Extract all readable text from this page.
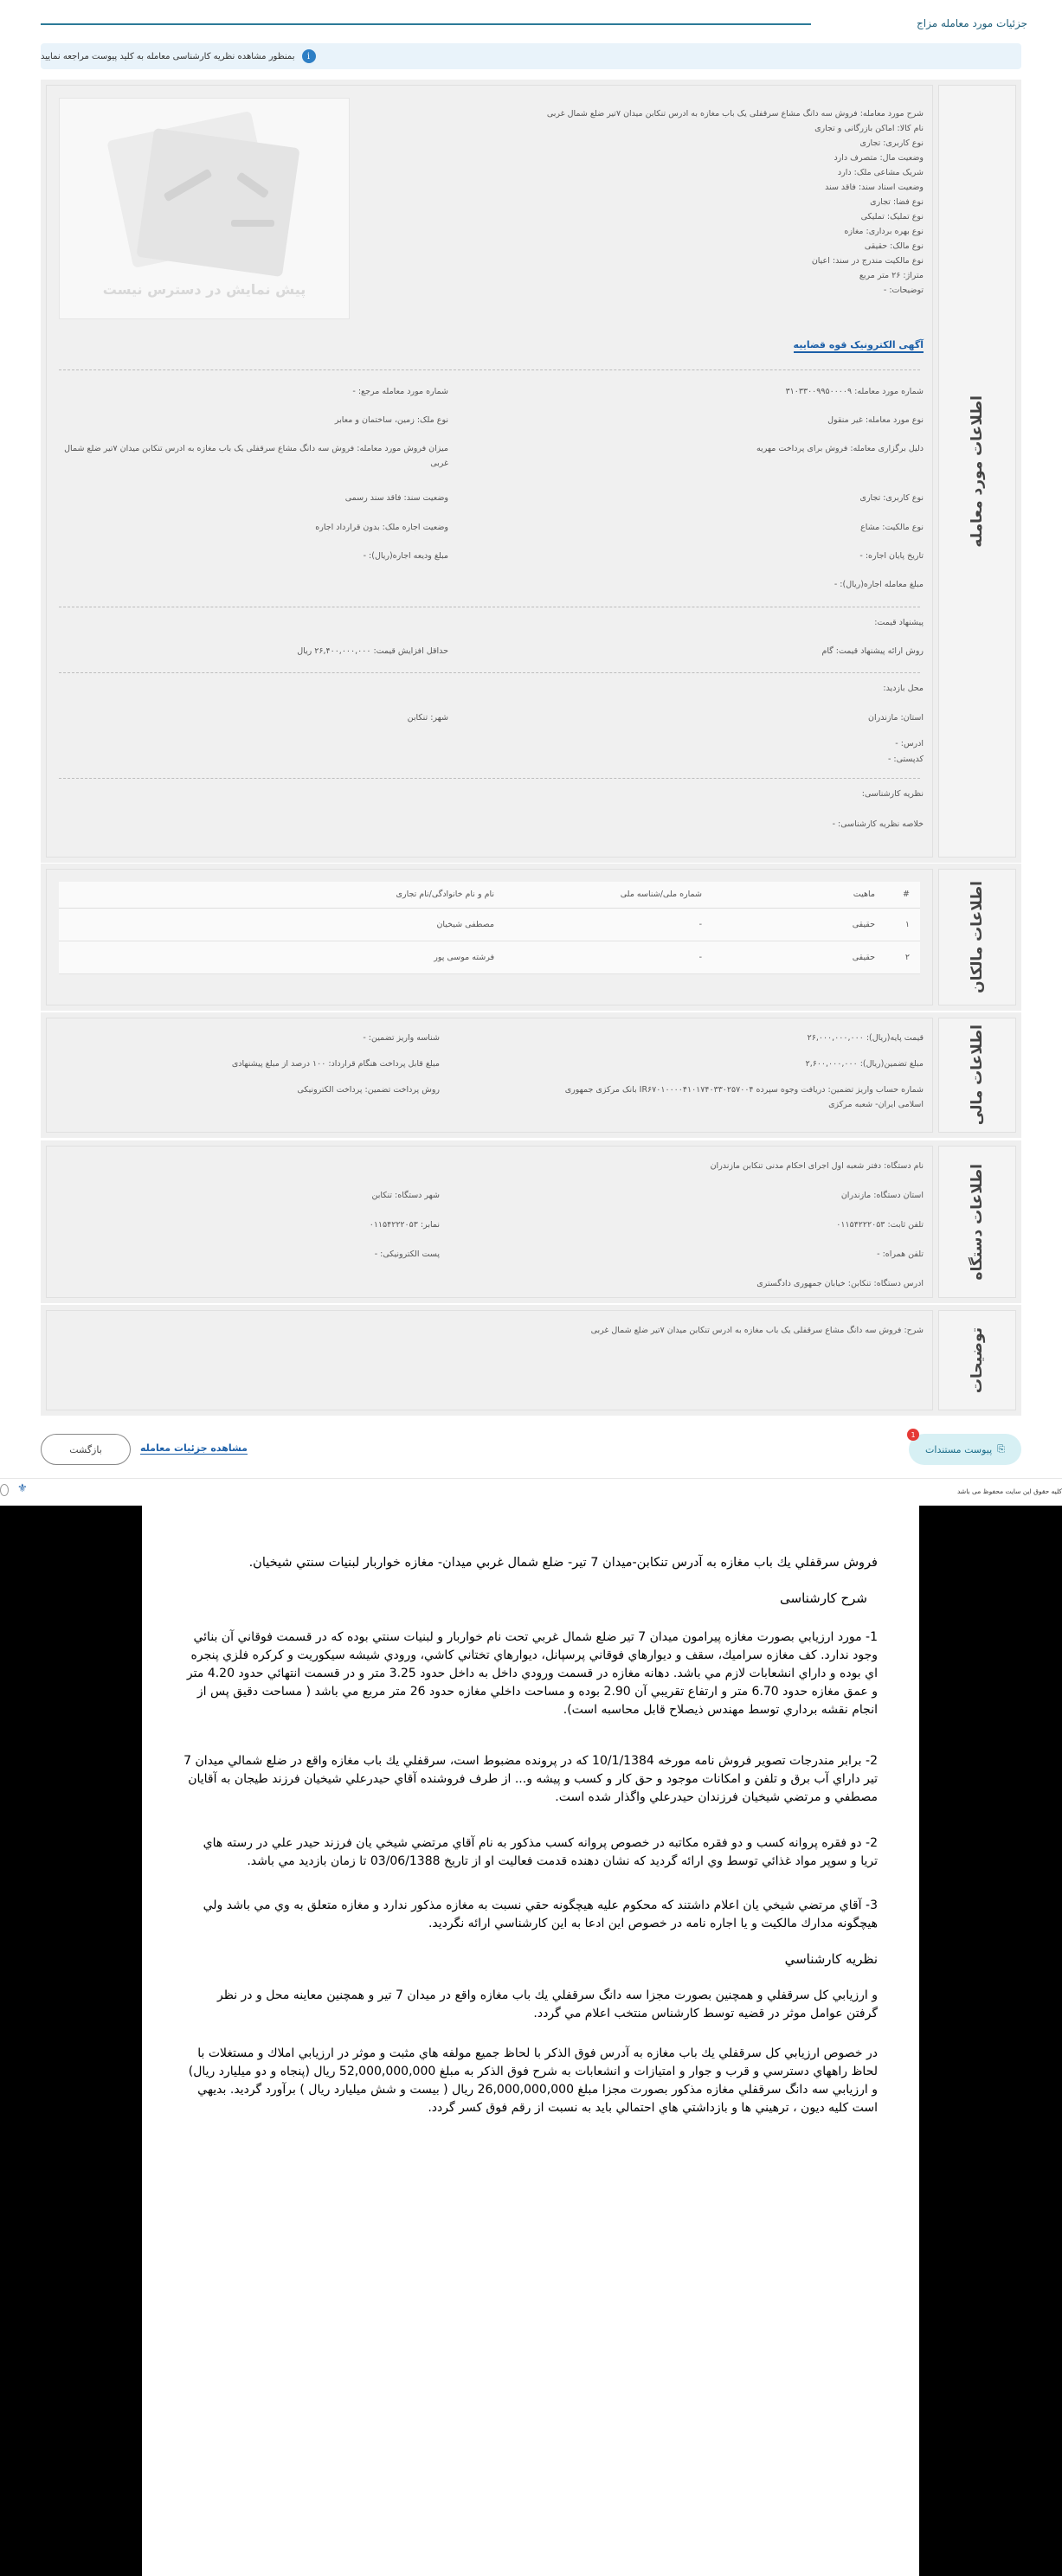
جزئیات مورد معامله مزاج
i
بمنظور مشاهده نظریه کارشناسی معامله به کلید پیوست مراجعه نمایید
اطلاعات مورد معامله
شرح مورد معامله: فروش سه دانگ مشاع سرقفلی یک باب مغازه به ادرس تنکابن میدان ۷تیر ضلع شمال غربی
نام کالا: اماکن بازرگانی و تجاری
نوع کاربری: تجاری
وضعیت مال: متصرف دارد
شریک مشاعی ملک: دارد
وضعیت اسناد سند: فاقد سند
نوع فضا: تجاری
نوع تملیک: تملیکی
نوع بهره برداری: مغازه
نوع مالک: حقیقی
نوع مالکیت مندرج در سند: اعیان
متراژ: ۲۶ متر مربع
توضیحات: -
پیش نمایش در دسترس نیست
آگهی الکترونیک قوه قضاییه
شماره مورد معامله: ۳۱۰۳۳۰۰۹۹۵۰۰۰۰۹
نوع مورد معامله: غیر منقول
دلیل برگزاری معامله: فروش برای پرداخت مهریه
نوع کاربری: تجاری
نوع مالکیت: مشاع
تاریخ پایان اجاره: -
مبلغ معامله اجاره(ریال): -
شماره مورد معامله مرجع: -
نوع ملک: زمین، ساختمان و معابر
میزان فروش مورد معامله: فروش سه دانگ مشاع سرقفلی یک باب مغازه به ادرس تنکابن میدان ۷تیر ضلع شمال غربی
وضعیت سند: فاقد سند رسمی
وضعیت اجاره ملک: بدون قرارداد اجاره
مبلغ ودیعه اجاره(ریال): -
پیشنهاد قیمت:
روش ارائه پیشنهاد قیمت: گام
حداقل افزایش قیمت: ۲۶,۴۰۰,۰۰۰,۰۰۰ ریال
محل بازدید:
استان: مازندران
شهر: تنکابن
ادرس: -
کدپستی: -
نظریه کارشناسی:
خلاصه نظریه کارشناسی: -
اطلاعات مالکان
#	ماهیت	شماره ملی/شناسه ملی	نام و نام خانوادگی/نام تجاری
۱	حقیقی	-	مصطفی شیخیان
۲	حقیقی	-	فرشته موسی پور
اطلاعات مالی
قیمت پایه(ریال): ۲۶,۰۰۰,۰۰۰,۰۰۰
شناسه واریز تضمین: -
مبلغ تضمین(ریال): ۲,۶۰۰,۰۰۰,۰۰۰
مبلغ قابل پرداخت هنگام قرارداد: ۱۰۰ درصد از مبلغ پیشنهادی
شماره حساب واریز تضمین: دریافت وجوه سپرده IR۶۷۰۱۰۰۰۰۴۱۰۱۷۴۰۳۳۰۲۵۷۰۰۴ بانک مرکزی جمهوری اسلامی ایران- شعبه مرکزی
روش پرداخت تضمین: پرداخت الکترونیکی
اطلاعات دستگاه
نام دستگاه: دفتر شعبه اول اجرای احکام مدنی تنکابن مازندران
استان دستگاه: مازندران
شهر دستگاه: تنکابن
تلفن ثابت: ۰۱۱۵۴۲۲۲۰۵۳
نمابر: ۰۱۱۵۴۲۲۲۰۵۳
تلفن همراه: -
پست الکترونیکی: -
ادرس دستگاه: تنکابن: خیابان جمهوری دادگستری
توضیحات
شرح: فروش سه دانگ مشاع سرقفلی یک باب مغازه به ادرس تنکابن میدان ۷تیر ضلع شمال غربی
بازگشت	مشاهده جزئیات معامله	⎘
پیوست مستندات
1
کلیه حقوق این سایت محفوظ می باشد
⚜

فروش سرقفلي يك باب مغازه به آدرس تنكابن-ميدان 7 تير- ضلع شمال غربي ميدان- مغازه خواربار لبنيات سنتي شيخيان.

شرح کارشناسی

1- مورد ارزيابي بصورت مغازه پيرامون ميدان 7 تير ضلع شمال غربي تحت نام خواربار و لبنيات سنتي بوده كه در قسمت فوقاني آن بنائي وجود ندارد. كف مغازه سراميك، سقف و ديوارهاي فوقاني پرسپانل، ديوارهاي تختاني كاشي، ورودي شيشه سيكوريت و كركره فلزي پنجره اي بوده و داراي انشعابات لازم مي باشد. دهانه مغازه در قسمت ورودي داخل به داخل حدود 3.25 متر و در قسمت انتهائي حدود 4.20 متر و عمق مغازه حدود 6.70 متر و ارتفاع تقريبي آن 2.90 بوده و مساحت داخلي مغازه حدود 26 متر مربع مي باشد ( مساحت دقيق پس از انجام نقشه برداري توسط مهندس ذيصلاح قابل محاسبه است).

2- برابر مندرجات تصوير فروش نامه مورخه 10/1/1384 كه در پرونده مضبوط است، سرقفلي يك باب مغازه واقع در ضلع شمالي ميدان 7 تير داراي آب برق و تلفن و امكانات موجود و حق كار و كسب و پيشه و... از طرف فروشنده آقاي حيدرعلي شيخيان فرزند طيجان به آقايان مصطفي و مرتضي شيخيان فرزندان حيدرعلي واگذار شده است.

2- دو فقره پروانه كسب و دو فقره مكاتبه در خصوص پروانه كسب مذكور به نام آقاي مرتضي شيخي يان فرزند حيدر علي در رسته هاي تريا و سوپر مواد غذائي توسط وي ارائه گرديد كه نشان دهنده قدمت فعاليت او از تاريخ 03/06/1388 تا زمان بازديد مي باشد.

3- آقاي مرتضي شيخي يان اعلام داشتند كه محكوم عليه هيچگونه حقي نسبت به مغازه مذكور ندارد و مغازه متعلق به وي مي باشد ولي هيچگونه مدارك مالكيت و يا اجاره نامه در خصوص اين ادعا به اين كارشناسي ارائه نگرديد.

نظريه كارشناسي

و ارزيابي كل سرقفلي و همچنين بصورت مجزا سه دانگ سرقفلي يك باب مغازه واقع در ميدان 7 تير و همچنين معاينه محل و در نظر گرفتن عوامل موثر در قضيه توسط كارشناس منتخب اعلام مي گردد.

در خصوص ارزيابي كل سرقفلي يك باب مغازه به آدرس فوق الذكر با لحاظ جميع مولفه هاي مثبت و موثر در ارزيابي املاك و مستغلات با لحاظ راههاي دسترسي و قرب و جوار و امتيازات و انشعابات به شرح فوق الذكر به مبلغ 52,000,000,000 ريال (پنجاه و دو ميليارد ريال) و ارزيابي سه دانگ سرقفلي مغازه مذكور بصورت مجزا مبلغ 26,000,000,000 ريال ( بيست و شش ميليارد ريال ) برآورد گرديد. بديهي است كليه ديون ، ترهيني ها و بازداشتي هاي احتمالي بايد به نسبت از رقم فوق كسر گردد.
